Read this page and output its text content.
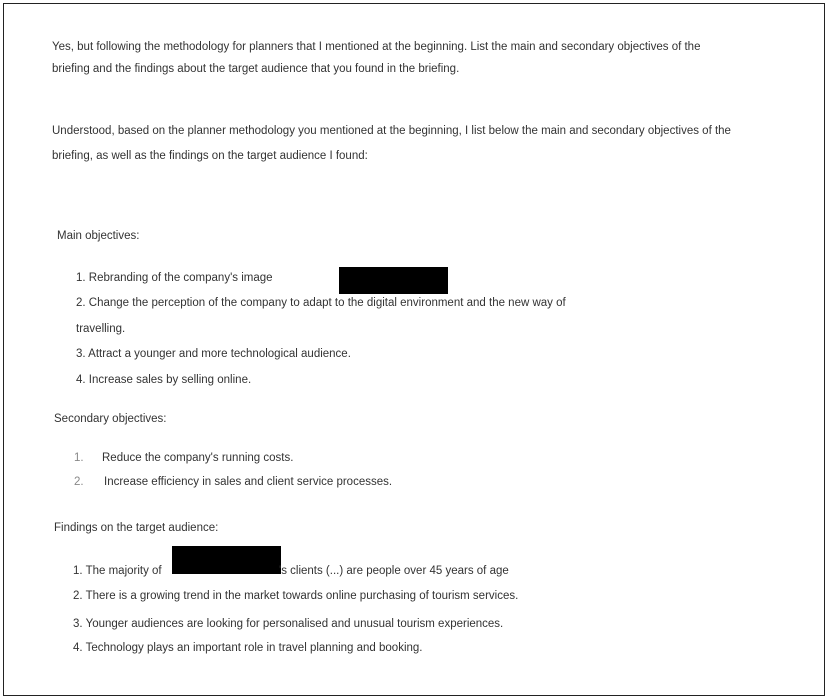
Yes, but following the methodology for planners that I mentioned at the beginning. List the main and secondary objectives of the
briefing and the findings about the target audience that you found in the briefing.
Understood, based on the planner methodology you mentioned at the beginning, I list below the main and secondary objectives of the
briefing, as well as the findings on the target audience I found:
Main objectives:
1. Rebranding of the company's image
2. Change the perception of the company to adapt to the digital environment and the new way of
travelling.
3. Attract a younger and more technological audience.
4. Increase sales by selling online.
Secondary objectives:
1. Reduce the company's running costs.
2. Increase efficiency in sales and client service processes.
Findings on the target audience:
1. The majority of	's clients (...) are people over 45 years of age
2. There is a growing trend in the market towards online purchasing of tourism services.
3. Younger audiences are looking for personalised and unusual tourism experiences.
4. Technology plays an important role in travel planning and booking.
